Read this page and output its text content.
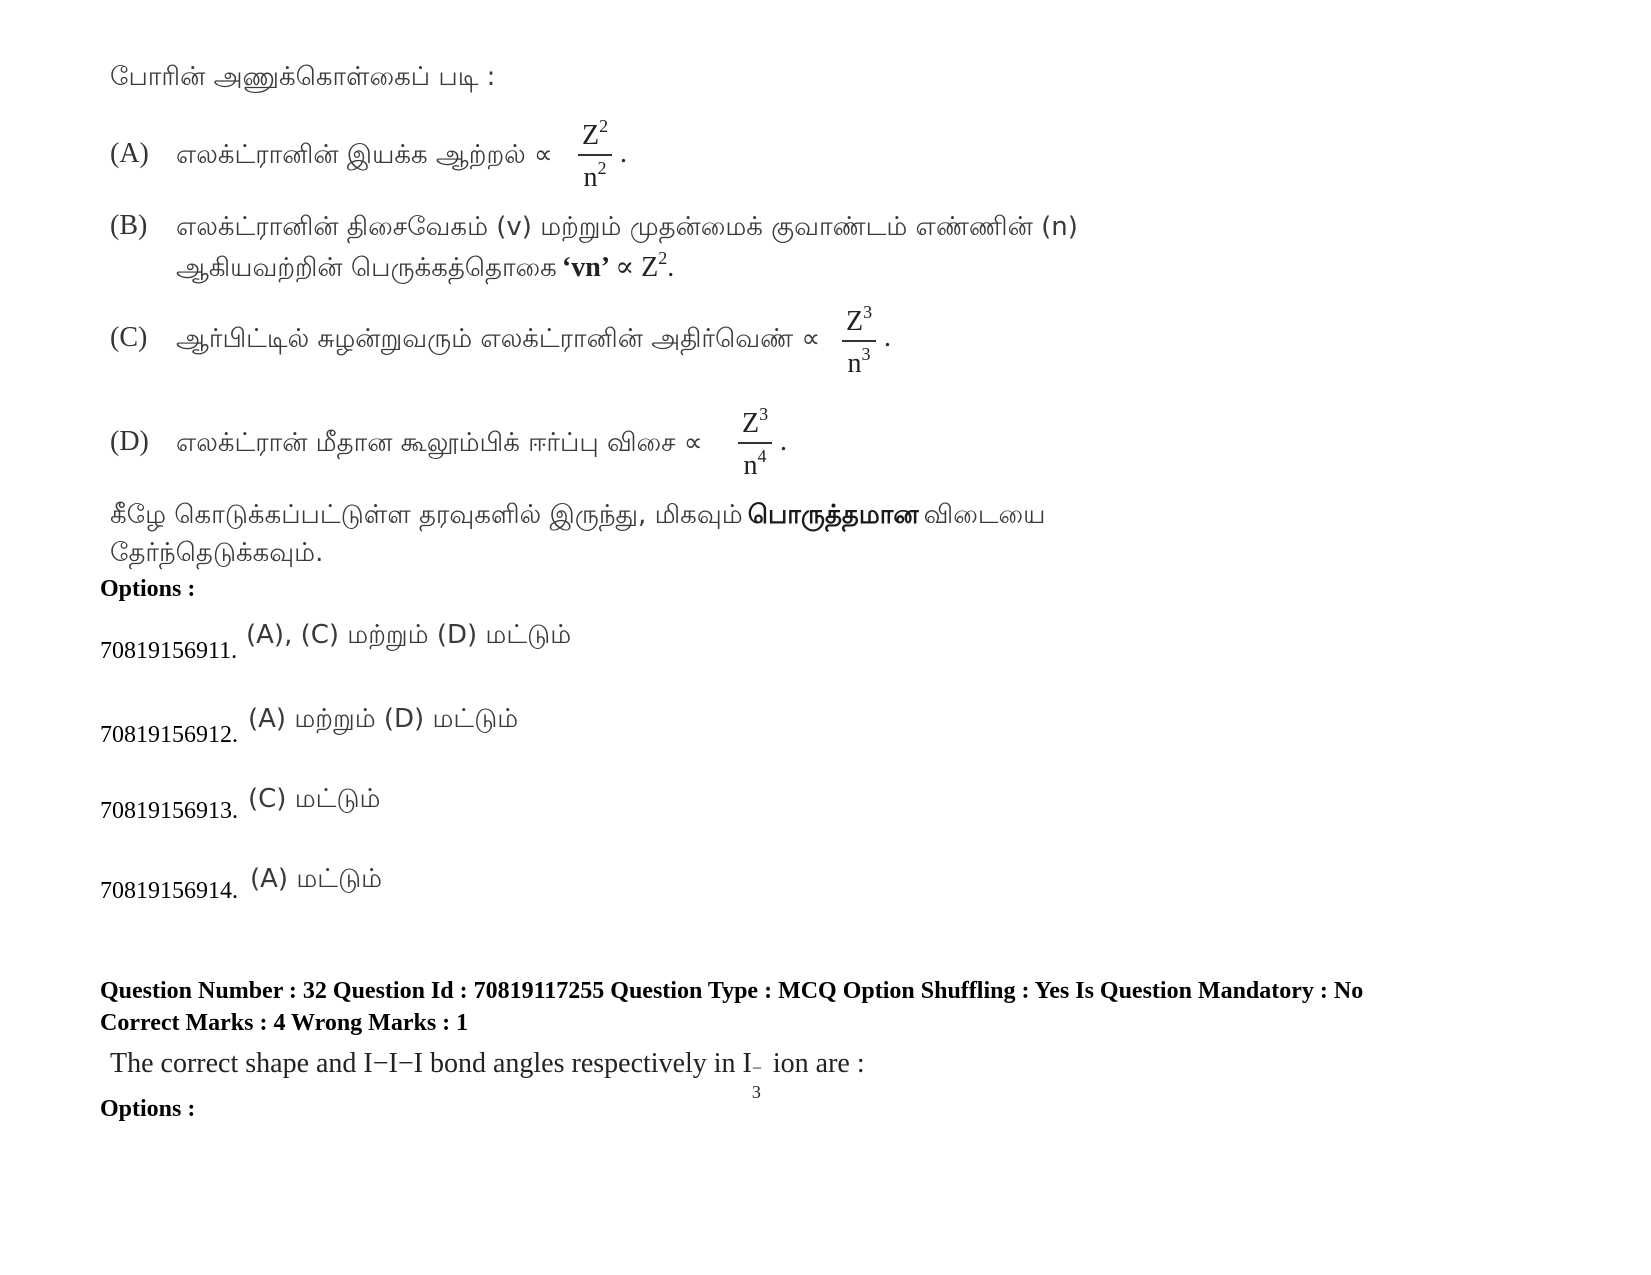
போரின் அணுக்கொள்கைப் படி :
(A) எலக்ட்ரானின் இயக்க ஆற்றல் ∝ $\frac{Z^2}{n^2}$ .
(B) எலக்ட்ரானின் திசைவேகம் (v) மற்றும் முதன்மைக் குவாண்டம் எண்ணின் (n)
ஆகியவற்றின் பெருக்கத்தொகை ‘vn’ ∝ $Z^2$.
(C) ஆர்பிட்டில் சுழன்றுவரும் எலக்ட்ரானின் அதிர்வெண் ∝ $\frac{Z^3}{n^3}$ .
(D) எலக்ட்ரான் மீதான கூலூம்பிக் ஈர்ப்பு விசை ∝ $\frac{Z^3}{n^4}$ .
கீழே கொடுக்கப்பட்டுள்ள தரவுகளில் இருந்து, மிகவும் பொருத்தமான விடையை
தேர்ந்தெடுக்கவும்.
Options :
70819156911.
(A), (C) மற்றும் (D) மட்டும்
70819156912.
(A) மற்றும் (D) மட்டும்
70819156913. (C) மட்டும்
70819156914. (A) மட்டும்
Question Number : 32 Question Id : 70819117255 Question Type : MCQ Option Shuffling : Yes Is Question Mandatory : No
Correct Marks : 4 Wrong Marks : 1
The correct shape and I−I−I bond angles respectively in I −
3
ion are :
Options :
